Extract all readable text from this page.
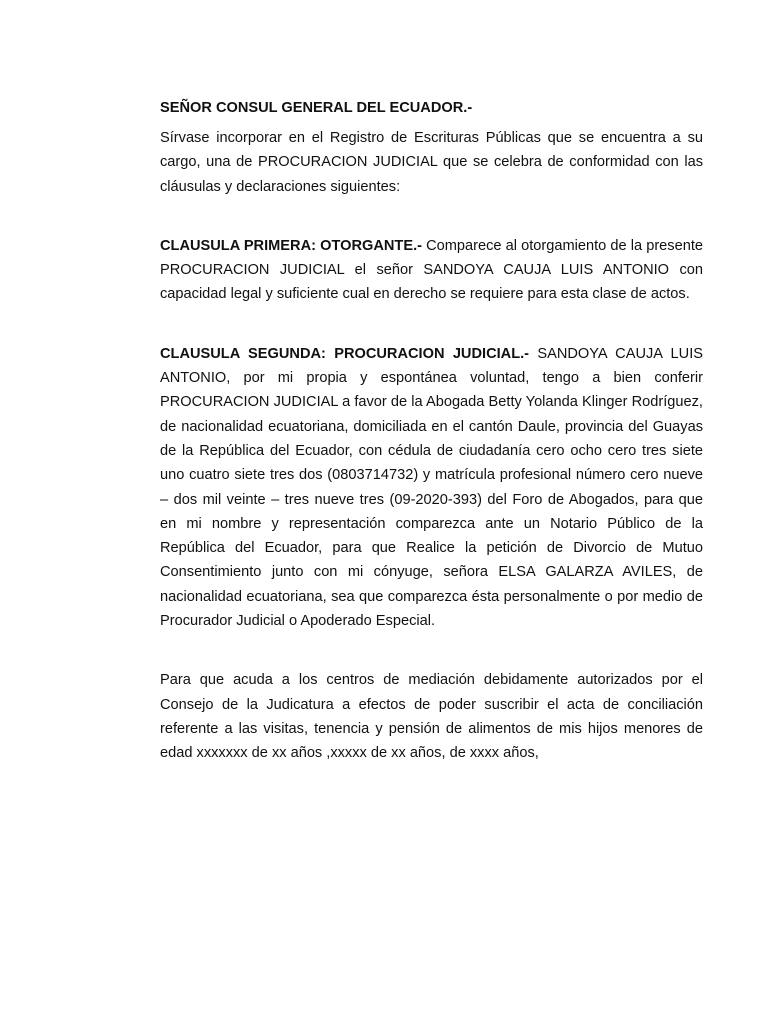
SEÑOR CONSUL GENERAL DEL ECUADOR.-

Sírvase incorporar en el Registro de Escrituras Públicas que se encuentra a su cargo, una de PROCURACION JUDICIAL que se celebra de conformidad con las cláusulas y declaraciones siguientes:

CLAUSULA PRIMERA: OTORGANTE.- Comparece al otorgamiento de la presente PROCURACION JUDICIAL el señor SANDOYA CAUJA LUIS ANTONIO con capacidad legal y suficiente cual en derecho se requiere para esta clase de actos.

CLAUSULA SEGUNDA: PROCURACION JUDICIAL.- SANDOYA CAUJA LUIS ANTONIO, por mi propia y espontánea voluntad, tengo a bien conferir PROCURACION JUDICIAL a favor de la Abogada Betty Yolanda Klinger Rodríguez, de nacionalidad ecuatoriana, domiciliada en el cantón Daule, provincia del Guayas de la República del Ecuador, con cédula de ciudadanía cero ocho cero tres siete uno cuatro siete tres dos (0803714732) y matrícula profesional número cero nueve – dos mil veinte – tres nueve tres (09-2020-393) del Foro de Abogados, para que en mi nombre y representación comparezca ante un Notario Público de la República del Ecuador, para que Realice la petición de Divorcio de Mutuo Consentimiento junto con mi cónyuge, señora ELSA GALARZA AVILES, de nacionalidad ecuatoriana, sea que comparezca ésta personalmente o por medio de Procurador Judicial o Apoderado Especial.

Para que acuda a los centros de mediación debidamente autorizados por el Consejo de la Judicatura a efectos de poder suscribir el acta de conciliación referente a las visitas, tenencia y pensión de alimentos de mis hijos menores de edad xxxxxxx de xx años ,xxxxx de xx años, de xxxx años,
